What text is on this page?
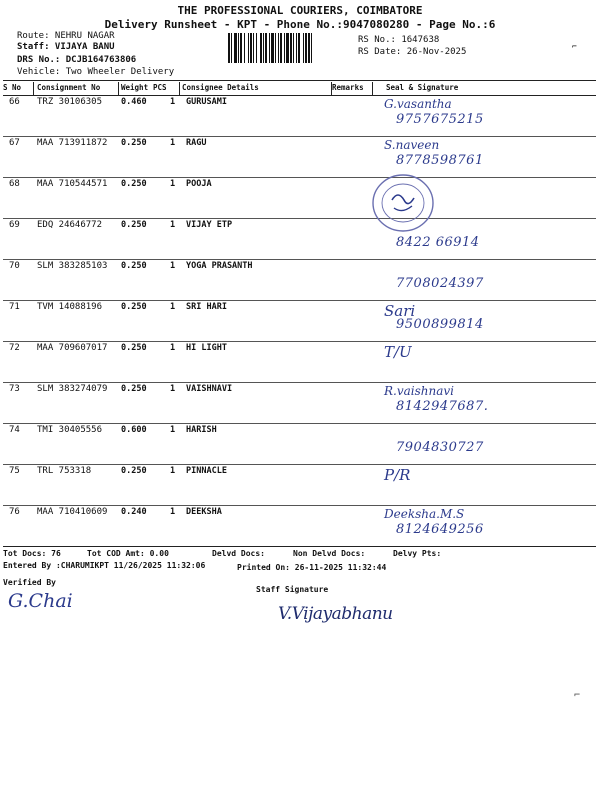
THE PROFESSIONAL COURIERS, COIMBATORE
Delivery Runsheet - KPT - Phone No.:9047080280 - Page No.:6
Route: NEHRU NAGAR
Staff: VIJAYA BANU
DRS No.: DCJB164763806
Vehicle: Two Wheeler Delivery
RS No.: 1647638
RS Date: 26-Nov-2025
⌐
S No Consignment No	Weight PCS Consignee Details	Remarks	Seal & Signature
66 TRZ 30106305 0.460	1 GURUSAMI	G.vasantha
9757675215
67 MAA 713911872 0.250	1 RAGU	S.naveen
8778598761
68 MAA 710544571 0.250	1 POOJA
69 EDQ 24646772 0.250	1 VIJAY ETP
8422 66914
70 SLM 383285103 0.250	1 YOGA PRASANTH
7708024397
71 TVM 14088196 0.250	1 SRI HARI	Sari
9500899814
72 MAA 709607017 0.250	1 HI LIGHT	T/U
73 SLM 383274079 0.250	1 VAISHNAVI	R.vaishnavi
8142947687.
74 TMI 30405556 0.600	1 HARISH
7904830727
75 TRL 753318	0.250	1 PINNACLE	P/R
76 MAA 710410609 0.240	1 DEEKSHA	Deeksha.M.S
8124649256
Tot Docs: 76	Tot COD Amt: 0.00	Delvd Docs:	Non Delvd Docs:	Delvy Pts:
Entered By :CHARUMIKPT 11/26/2025 11:32:06	Printed On: 26-11-2025 11:32:44
Verified By
G.Chai
Staff Signature
V.Vijayabhanu
⌐
